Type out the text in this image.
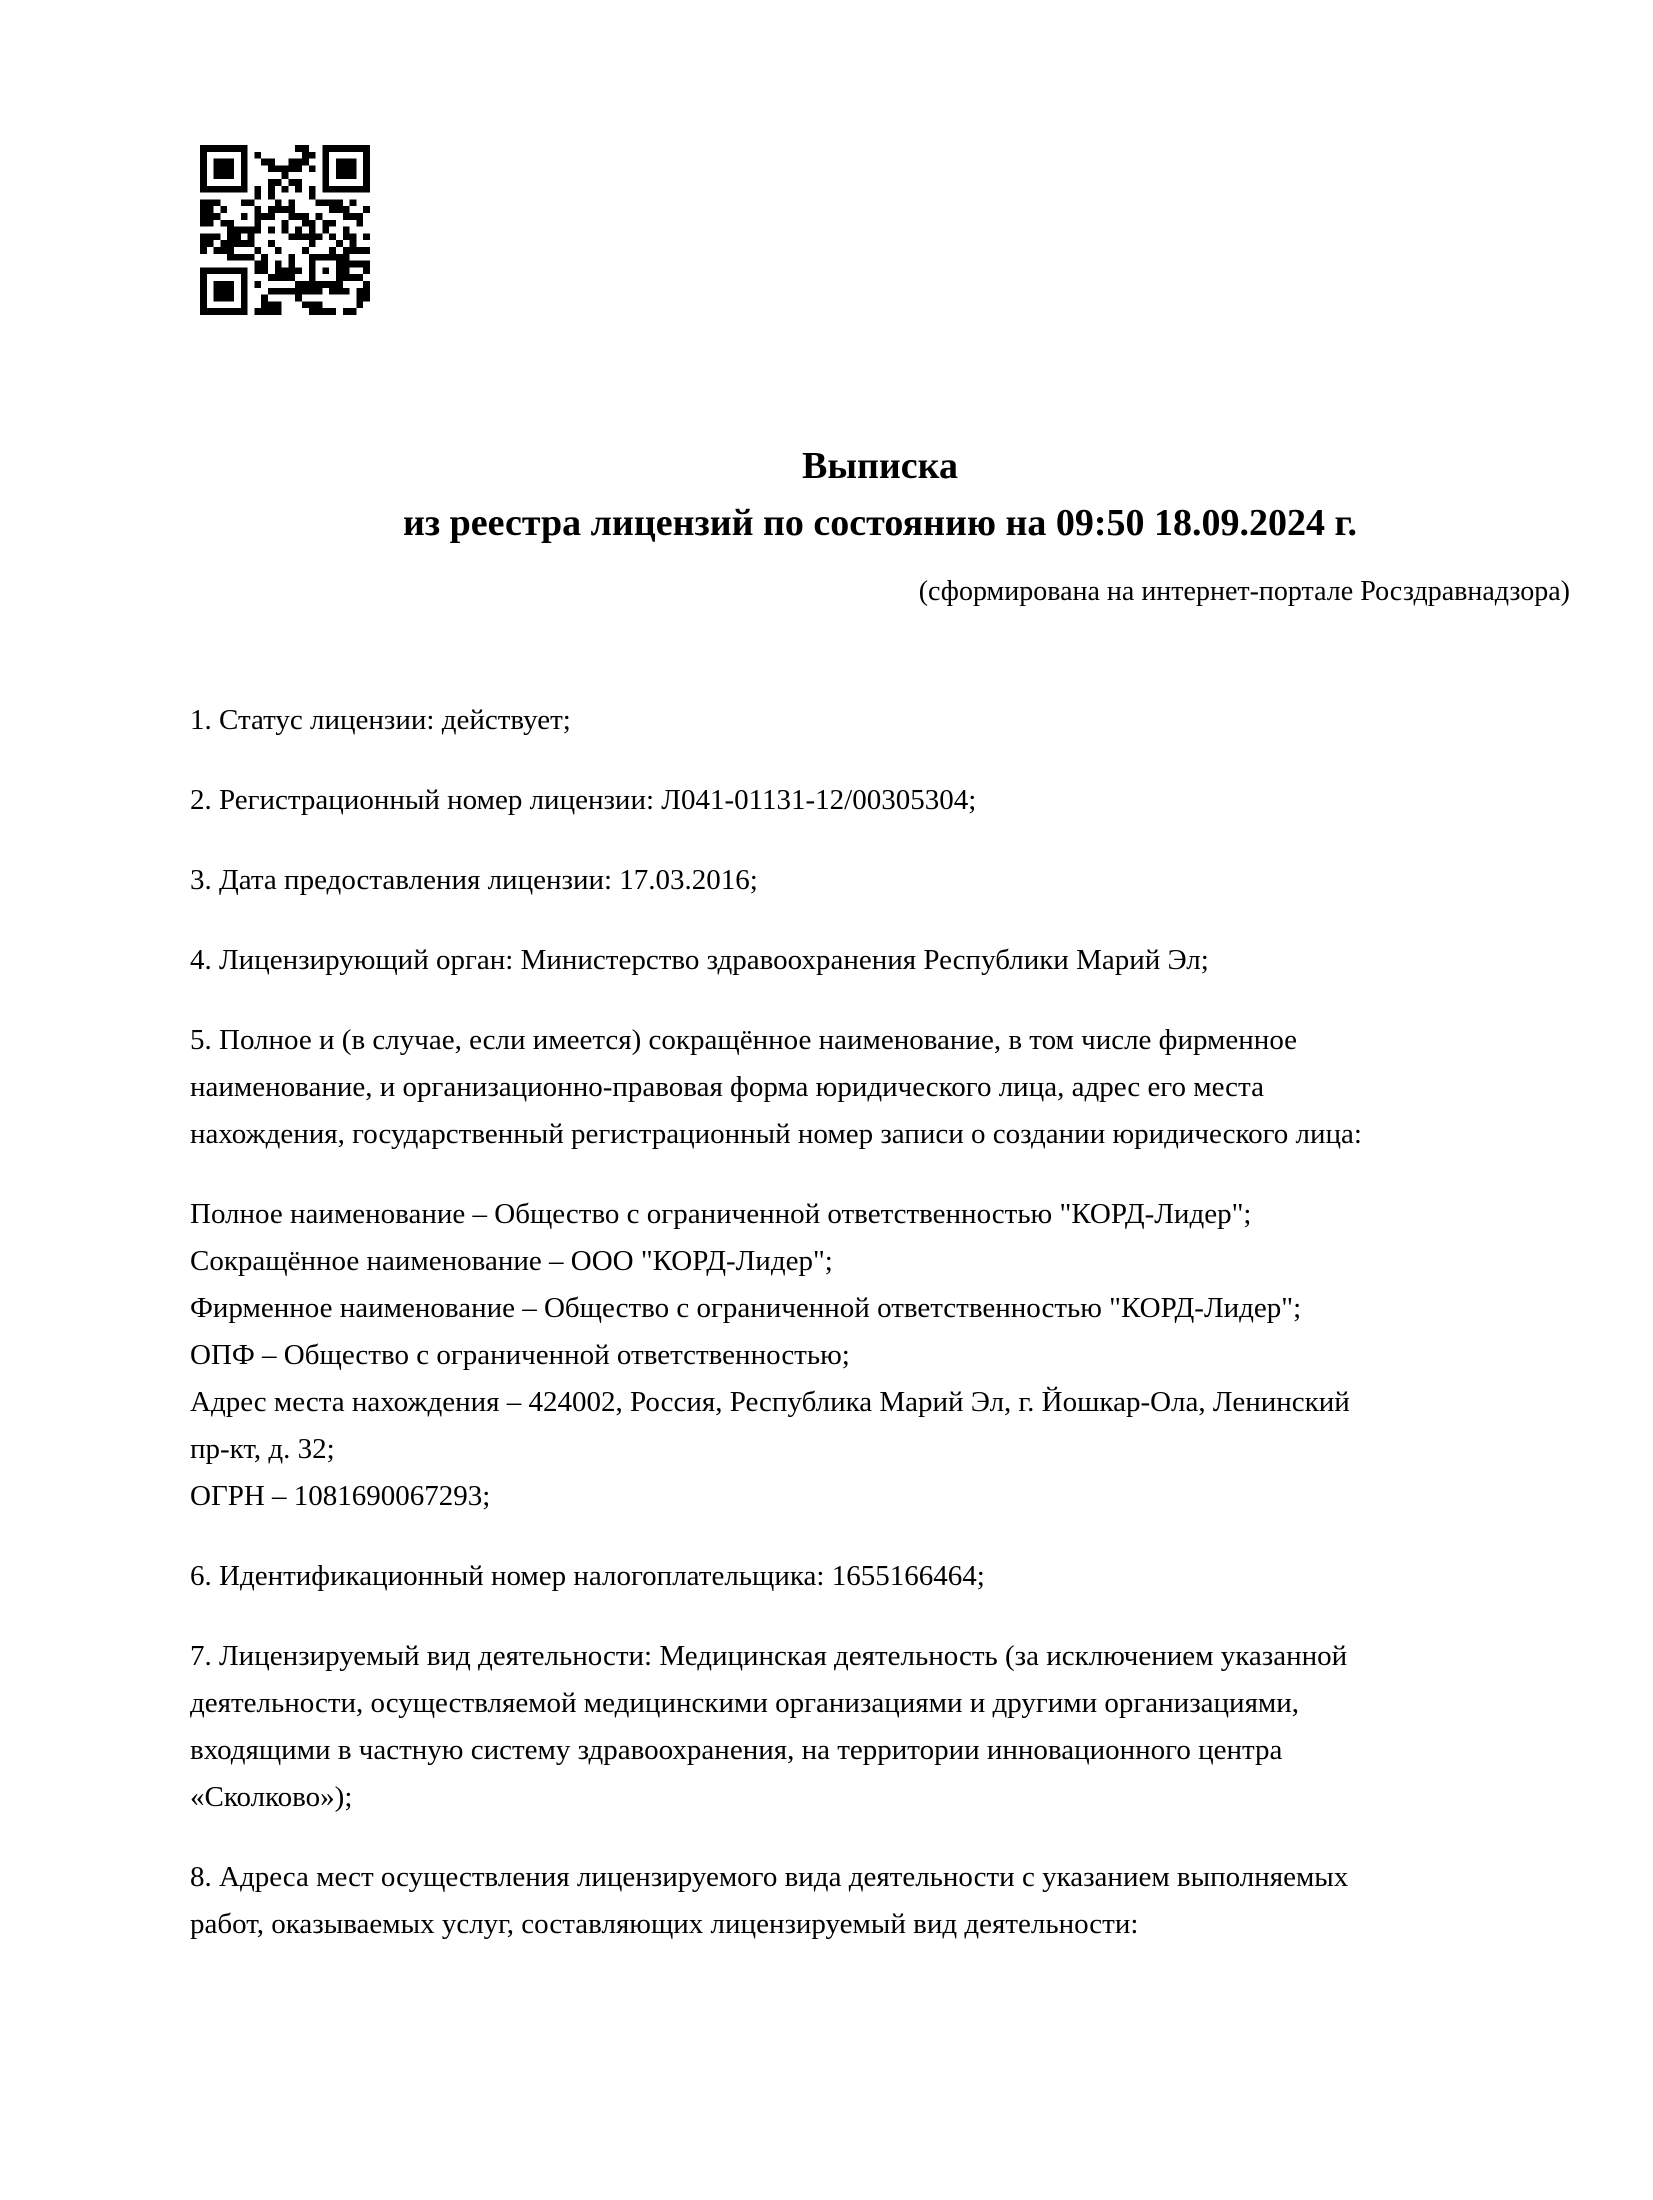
Выписка
из реестра лицензий по состоянию на 09:50 18.09.2024 г.
(сформирована на интернет-портале Росздравнадзора)
1. Статус лицензии: действует;
2. Регистрационный номер лицензии: Л041-01131-12/00305304;
3. Дата предоставления лицензии: 17.03.2016;
4. Лицензирующий орган: Министерство здравоохранения Республики Марий Эл;
5. Полное и (в случае, если имеется) сокращённое наименование, в том числе фирменное
наименование, и организационно-правовая форма юридического лица, адрес его места
нахождения, государственный регистрационный номер записи о создании юридического лица:
Полное наименование – Общество с ограниченной ответственностью "КОРД-Лидер";
Сокращённое наименование – ООО "КОРД-Лидер";
Фирменное наименование – Общество с ограниченной ответственностью "КОРД-Лидер";
ОПФ – Общество с ограниченной ответственностью;
Адрес места нахождения – 424002, Россия, Республика Марий Эл, г. Йошкар-Ола, Ленинский
пр-кт, д. 32;
ОГРН – 1081690067293;
6. Идентификационный номер налогоплательщика: 1655166464;
7. Лицензируемый вид деятельности: Медицинская деятельность (за исключением указанной
деятельности, осуществляемой медицинскими организациями и другими организациями,
входящими в частную систему здравоохранения, на территории инновационного центра
«Сколково»);
8. Адреса мест осуществления лицензируемого вида деятельности с указанием выполняемых
работ, оказываемых услуг, составляющих лицензируемый вид деятельности:
